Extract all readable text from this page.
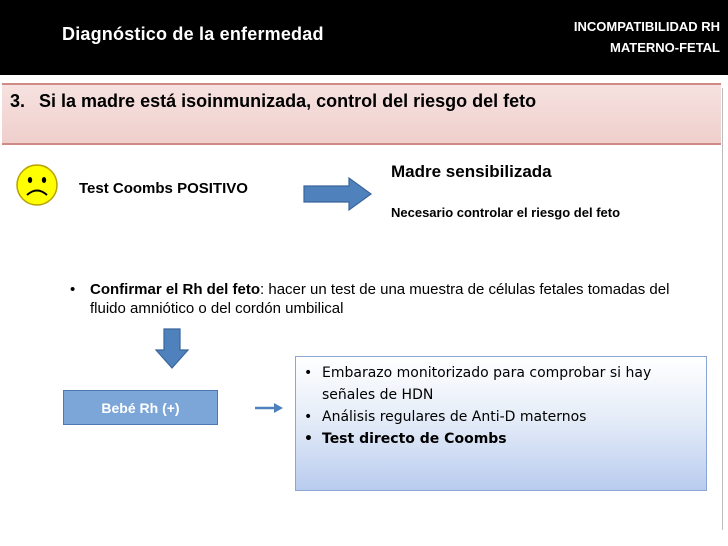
Diagnóstico de la enfermedad	INCOMPATIBILIDAD RH
MATERNO-FETAL
3. Si la madre está isoinmunizada, control del riesgo del feto
Test Coombs POSITIVO
Madre sensibilizada
Necesario controlar el riesgo del feto
• Confirmar el Rh del feto: hacer un test de una muestra de células fetales tomadas del fluido amniótico o del cordón umbilical
Bebé Rh (+)
• Embarazo monitorizado para comprobar si hay señales de HDN
• Análisis regulares de Anti-D maternos
• Test directo de Coombs
